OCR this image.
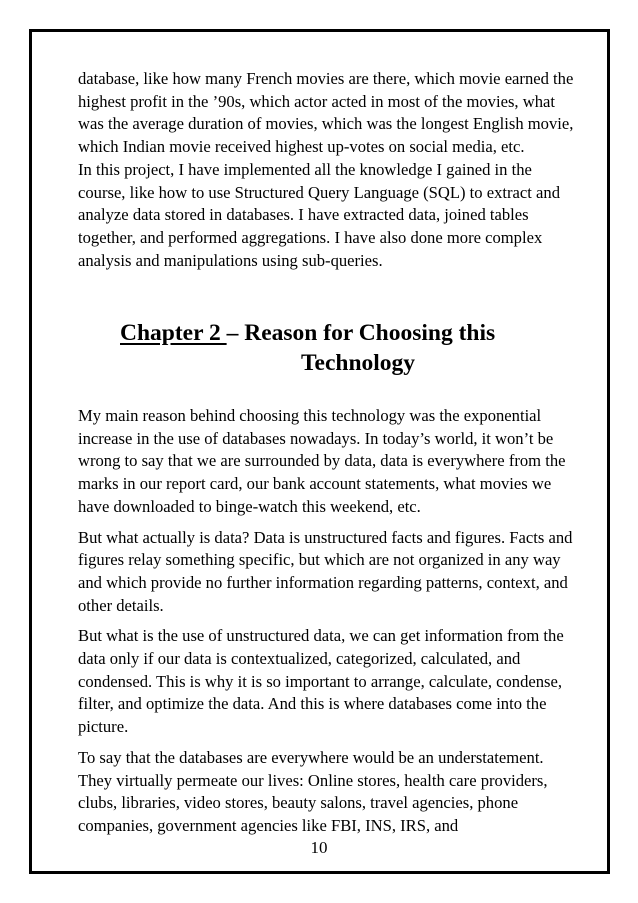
database, like how many French movies are there, which movie earned the highest profit in the ’90s, which actor acted in most of the movies, what was the average duration of movies, which was the longest English movie, which Indian movie received highest up-votes on social media, etc.

In this project, I have implemented all the knowledge I gained in the course, like how to use Structured Query Language (SQL) to extract and analyze data stored in databases. I have extracted data, joined tables together, and performed aggregations. I have also done more complex analysis and manipulations using sub-queries.

Chapter 2 – Reason for Choosing this
Technology

My main reason behind choosing this technology was the exponential increase in the use of databases nowadays. In today’s world, it won’t be wrong to say that we are surrounded by data, data is everywhere from the marks in our report card, our bank account statements, what movies we have downloaded to binge-watch this weekend, etc.

But what actually is data? Data is unstructured facts and figures. Facts and figures relay something specific, but which are not organized in any way and which provide no further information regarding patterns, context, and other details.

But what is the use of unstructured data, we can get information from the data only if our data is contextualized, categorized, calculated, and condensed. This is why it is so important to arrange, calculate, condense, filter, and optimize the data. And this is where databases come into the picture.

To say that the databases are everywhere would be an understatement. They virtually permeate our lives: Online stores, health care providers, clubs, libraries, video stores, beauty salons, travel agencies, phone companies, government agencies like FBI, INS, IRS, and

10
